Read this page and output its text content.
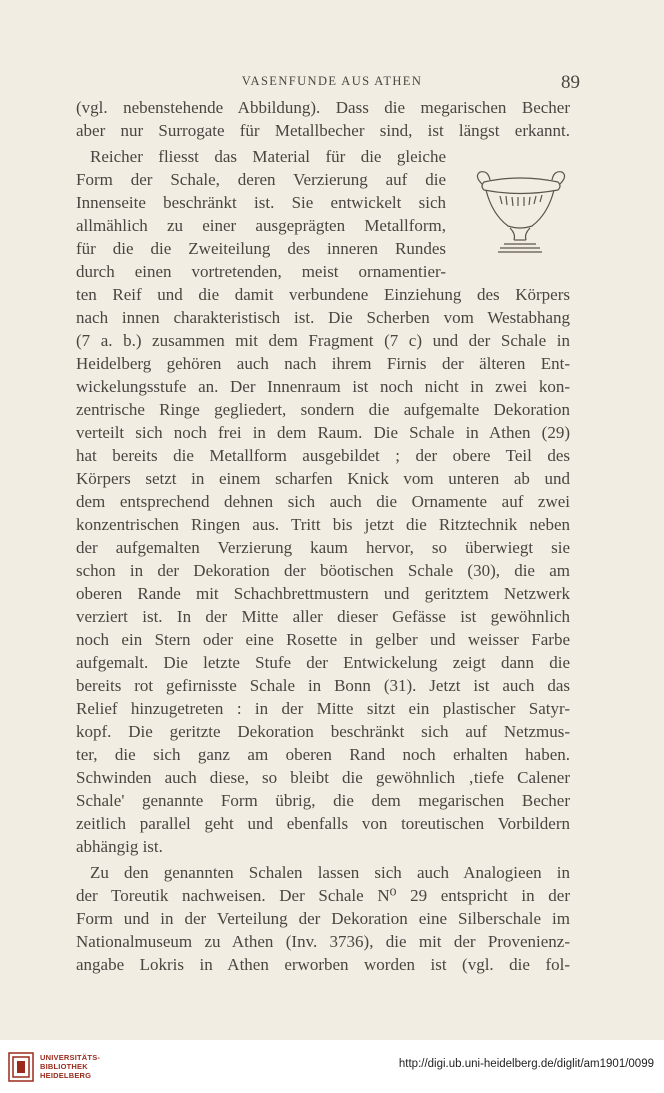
VASENFUNDE AUS ATHEN	89
(vgl. nebenstehende Abbildung). Dass die megarischen Becher
aber nur Surrogate für Metallbecher sind, ist längst erkannt.
Reicher fliesst das Material für die gleiche
Form der Schale, deren Verzierung auf die
Innenseite beschränkt ist. Sie entwickelt sich
allmählich zu einer ausgeprägten Metallform,
für die die Zweiteilung des inneren Rundes
durch einen vortretenden, meist ornamentier-
ten Reif und die damit verbundene Einziehung des Körpers
nach innen charakteristisch ist. Die Scherben vom Westabhang
(7 a. b.) zusammen mit dem Fragment (7 c) und der Schale in
Heidelberg gehören auch nach ihrem Firnis der älteren Ent-
wickelungsstufe an. Der Innenraum ist noch nicht in zwei kon-
zentrische Ringe gegliedert, sondern die aufgemalte Dekoration
verteilt sich noch frei in dem Raum. Die Schale in Athen (29)
hat bereits die Metallform ausgebildet ; der obere Teil des
Körpers setzt in einem scharfen Knick vom unteren ab und
dem entsprechend dehnen sich auch die Ornamente auf zwei
konzentrischen Ringen aus. Tritt bis jetzt die Ritztechnik neben
der aufgemalten Verzierung kaum hervor, so überwiegt sie
schon in der Dekoration der böotischen Schale (30), die am
oberen Rande mit Schachbrettmustern und geritztem Netzwerk
verziert ist. In der Mitte aller dieser Gefässe ist gewöhnlich
noch ein Stern oder eine Rosette in gelber und weisser Farbe
aufgemalt. Die letzte Stufe der Entwickelung zeigt dann die
bereits rot gefirnisste Schale in Bonn (31). Jetzt ist auch das
Relief hinzugetreten : in der Mitte sitzt ein plastischer Satyr-
kopf. Die geritzte Dekoration beschränkt sich auf Netzmus-
ter, die sich ganz am oberen Rand noch erhalten haben.
Schwinden auch diese, so bleibt die gewöhnlich ‚tiefe Calener
Schale' genannte Form übrig, die dem megarischen Becher
zeitlich parallel geht und ebenfalls von toreutischen Vorbildern
abhängig ist.
Zu den genannten Schalen lassen sich auch Analogieen in
der Toreutik nachweisen. Der Schale N⁰ 29 entspricht in der
Form und in der Verteilung der Dekoration eine Silberschale im
Nationalmuseum zu Athen (Inv. 3736), die mit der Provenienz-
angabe Lokris in Athen erworben worden ist (vgl. die fol-
UNIVERSITÄTS-
BIBLIOTHEK
HEIDELBERG
http://digi.ub.uni-heidelberg.de/diglit/am1901/0099
